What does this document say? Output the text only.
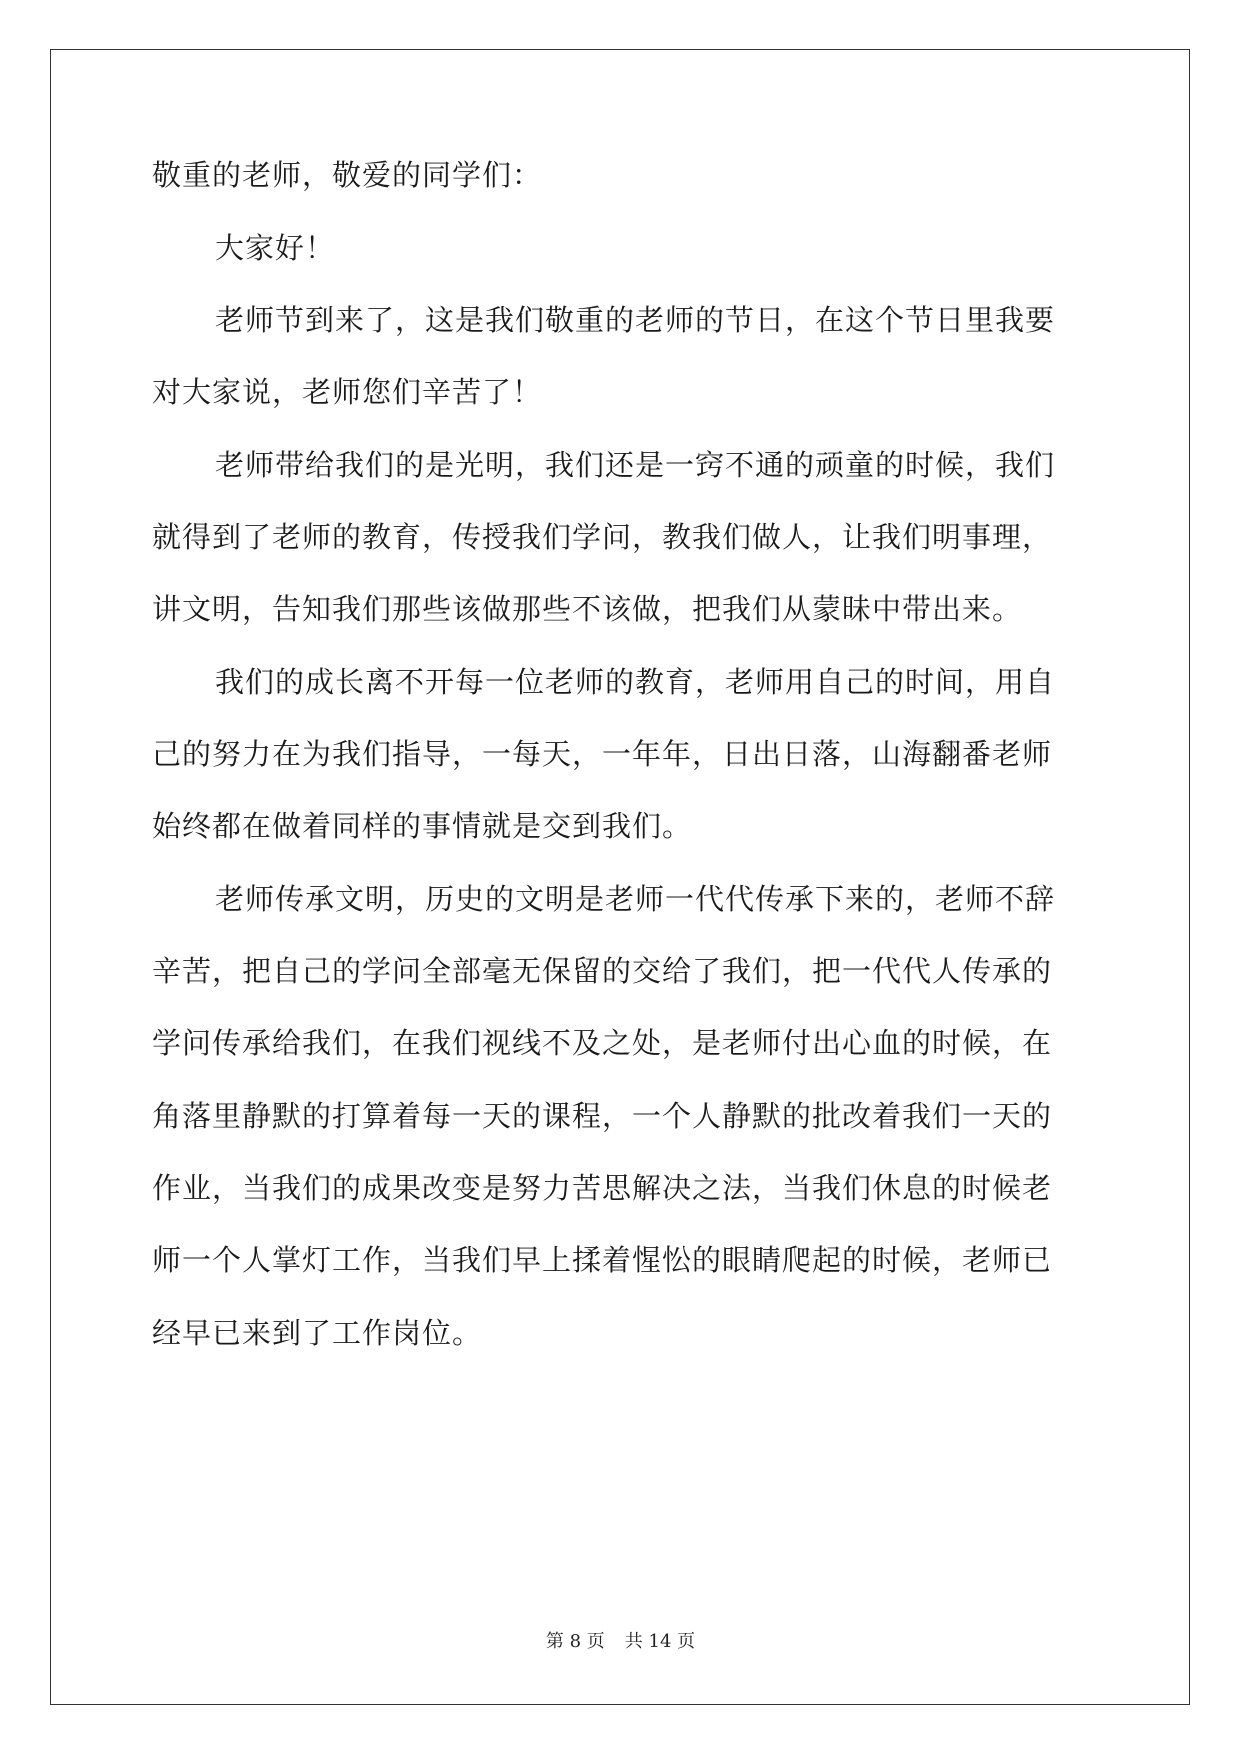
敬重的老师，敬爱的同学们：
大家好！
老师节到来了，这是我们敬重的老师的节日，在这个节日里我要
对大家说，老师您们辛苦了！
老师带给我们的是光明，我们还是一窍不通的顽童的时候，我们
就得到了老师的教育，传授我们学问，教我们做人，让我们明事理，
讲文明，告知我们那些该做那些不该做，把我们从蒙昧中带出来。
我们的成长离不开每一位老师的教育，老师用自己的时间，用自
己的努力在为我们指导，一每天，一年年，日出日落，山海翻番老师
始终都在做着同样的事情就是交到我们。
老师传承文明，历史的文明是老师一代代传承下来的，老师不辞
辛苦，把自己的学问全部毫无保留的交给了我们，把一代代人传承的
学问传承给我们，在我们视线不及之处，是老师付出心血的时候，在
角落里静默的打算着每一天的课程，一个人静默的批改着我们一天的
作业，当我们的成果改变是努力苦思解决之法，当我们休息的时候老
师一个人掌灯工作，当我们早上揉着惺忪的眼睛爬起的时候，老师已
经早已来到了工作岗位。
第 8 页 共 14 页
